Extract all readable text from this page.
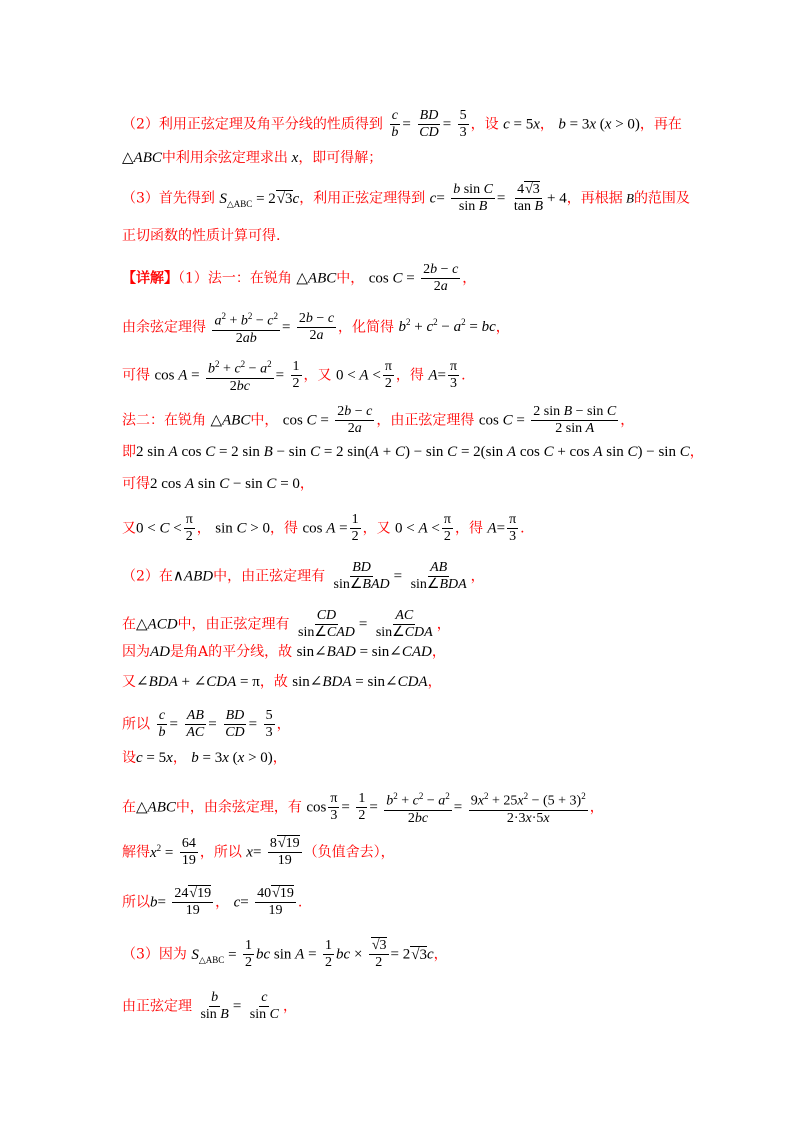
（2）利用正弦定理及角平分线的性质得到 $\frac{c}{b} = \frac{BD}{CD} = \frac{5}{3}$ ，设 c = 5x， b = 3x (x > 0)，再在
△ABC中利用余弦定理求出 x，即可得解；
（3）首先得到 $S_{\triangle ABC} = 2√$ 3c，利用正弦定理得到 $c= \frac{\text{b sin C}}{\text{sin B}} = \frac{4√ 3}{\text{tan B}} + 4$，再根据 B的范围及
正切函数的性质计算可得.
【详解】（1）法一：在锐角 △ABC中， $\cos C = \frac{2b - c}{2a}$ ，
由余弦定理得 $\frac{a^2 + b^2 - c^2}{2ab} = \frac{2b - c}{2a}$ ，化简得 $b^2 + c^2 - a^2$ = bc，
可得 $\cos A = \frac{b^2 + c^2 - a^2}{2bc} = \frac{1}{2}$ ，又 $0 < A < \frac{\pi}{2}$ ，得 $A= \frac{\pi}{3}$ .
法二：在锐角 △ABC中， $\cos C = \frac{2b - c}{2a}$ ，由正弦定理得 $\cos C = \frac{\text{2 sin B − sin C}}{\text{2 sin A}}$ ，
即2 sin A cos C = 2 sin B − sin C = 2 sin(A + C) − sin C = 2(sin A cos C + cos A sin C) − sin C，
可得2 cos A sin C − sin C = 0，
又$0 < C < \frac{\pi}{2}$ ， sin C > 0，得 $\cos A = \frac{1}{2}$ ，又 $0 < A < \frac{\pi}{2}$ ，得 $A= \frac{\pi}{3}$ .
（2）在∧ABD中，由正弦定理有 $\frac{BD}{\text{sin∠BAD}} = \frac{AB}{\text{sin∠BDA}}$ ，
在△ACD中，由正弦定理有 $\frac{CD}{\text{sin∠CAD}} = \frac{AC}{\text{sin∠CDA}}$ ，
因为AD是角A的平分线，故 sin∠BAD = sin∠CAD，
又∠BDA + ∠CDA = π，故 sin∠BDA = sin∠CDA，
所以 $\frac{c}{b} = \frac{AB}{AC} = \frac{BD}{CD} = \frac{5}{3}$ ，
设c = 5x， b = 3x (x > 0)，
在△ABC中，由余弦定理，有 $\cos \frac{\pi}{3} = \frac{1}{2} = \frac{b^2 + c^2 - a^2}{2bc} = \frac{9x^2 + 25x^2 - (5 + 3)^2}{2\cdot 3x\cdot 5x}$ ，
解得$x^2 = \frac{64}{19}$ ，所以 $x= \frac{8√ 19}{19}$ （负值舍去），
所以$b= \frac{24√ 19}{19}$ ， $c= \frac{40√ 19}{19}$ .
（3）因为 $S_{\triangle ABC} = \frac{1}{2}$ bc $\sin A = \frac{1}{2}$ bc ×
√ $\frac{3}{2} = 2√$ 3c，
由正弦定理 $\frac{b}{\text{sin B}} = \frac{c}{\text{sin C}}$ ，
